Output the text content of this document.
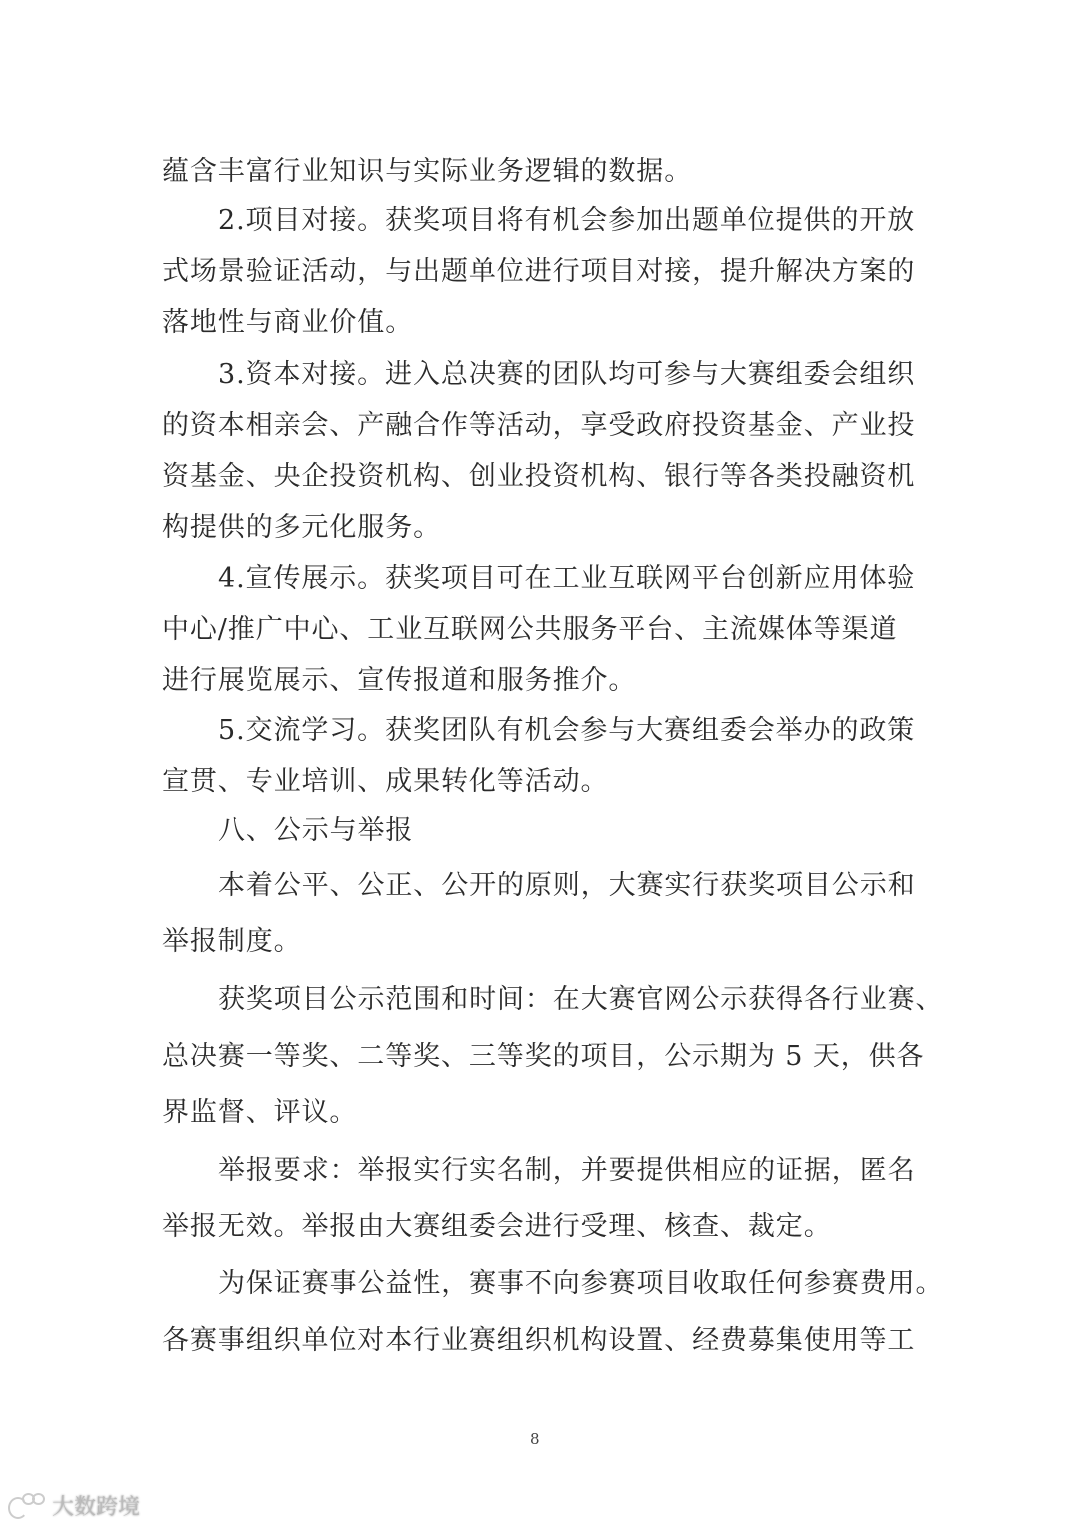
蕴含丰富行业知识与实际业务逻辑的数据。
2.项目对接。获奖项目将有机会参加出题单位提供的开放
式场景验证活动，与出题单位进行项目对接，提升解决方案的
落地性与商业价值。
3.资本对接。进入总决赛的团队均可参与大赛组委会组织
的资本相亲会、产融合作等活动，享受政府投资基金、产业投
资基金、央企投资机构、创业投资机构、银行等各类投融资机
构提供的多元化服务。
4.宣传展示。获奖项目可在工业互联网平台创新应用体验
中心/推广中心、工业互联网公共服务平台、主流媒体等渠道
进行展览展示、宣传报道和服务推介。
5.交流学习。获奖团队有机会参与大赛组委会举办的政策
宣贯、专业培训、成果转化等活动。
八、公示与举报
本着公平、公正、公开的原则，大赛实行获奖项目公示和
举报制度。
获奖项目公示范围和时间：在大赛官网公示获得各行业赛、
总决赛一等奖、二等奖、三等奖的项目，公示期为 5 天，供各
界监督、评议。
举报要求：举报实行实名制，并要提供相应的证据，匿名
举报无效。举报由大赛组委会进行受理、核查、裁定。
为保证赛事公益性，赛事不向参赛项目收取任何参赛费用。
各赛事组织单位对本行业赛组织机构设置、经费募集使用等工
8
大数跨境
